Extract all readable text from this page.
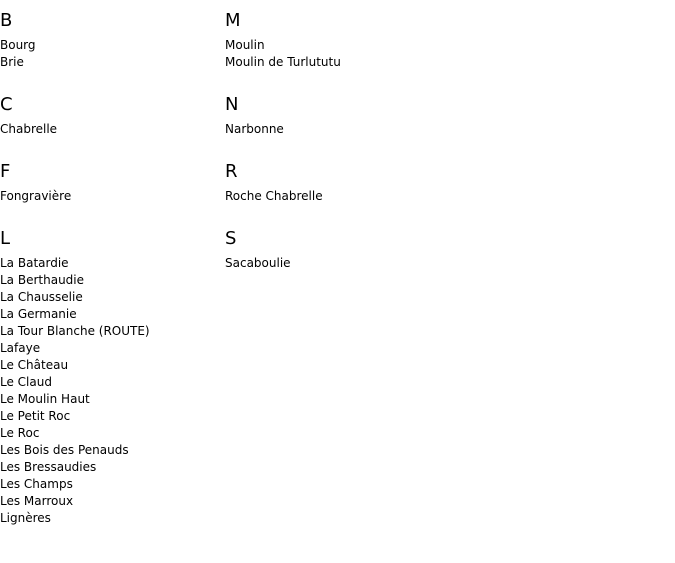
B
Bourg
Brie
C
Chabrelle
F
Fongravière
L
La Batardie
La Berthaudie
La Chausselie
La Germanie
La Tour Blanche (ROUTE)
Lafaye
Le Château
Le Claud
Le Moulin Haut
Le Petit Roc
Le Roc
Les Bois des Penauds
Les Bressaudies
Les Champs
Les Marroux
Lignères
M
Moulin
Moulin de Turlututu
N
Narbonne
R
Roche Chabrelle
S
Sacaboulie
